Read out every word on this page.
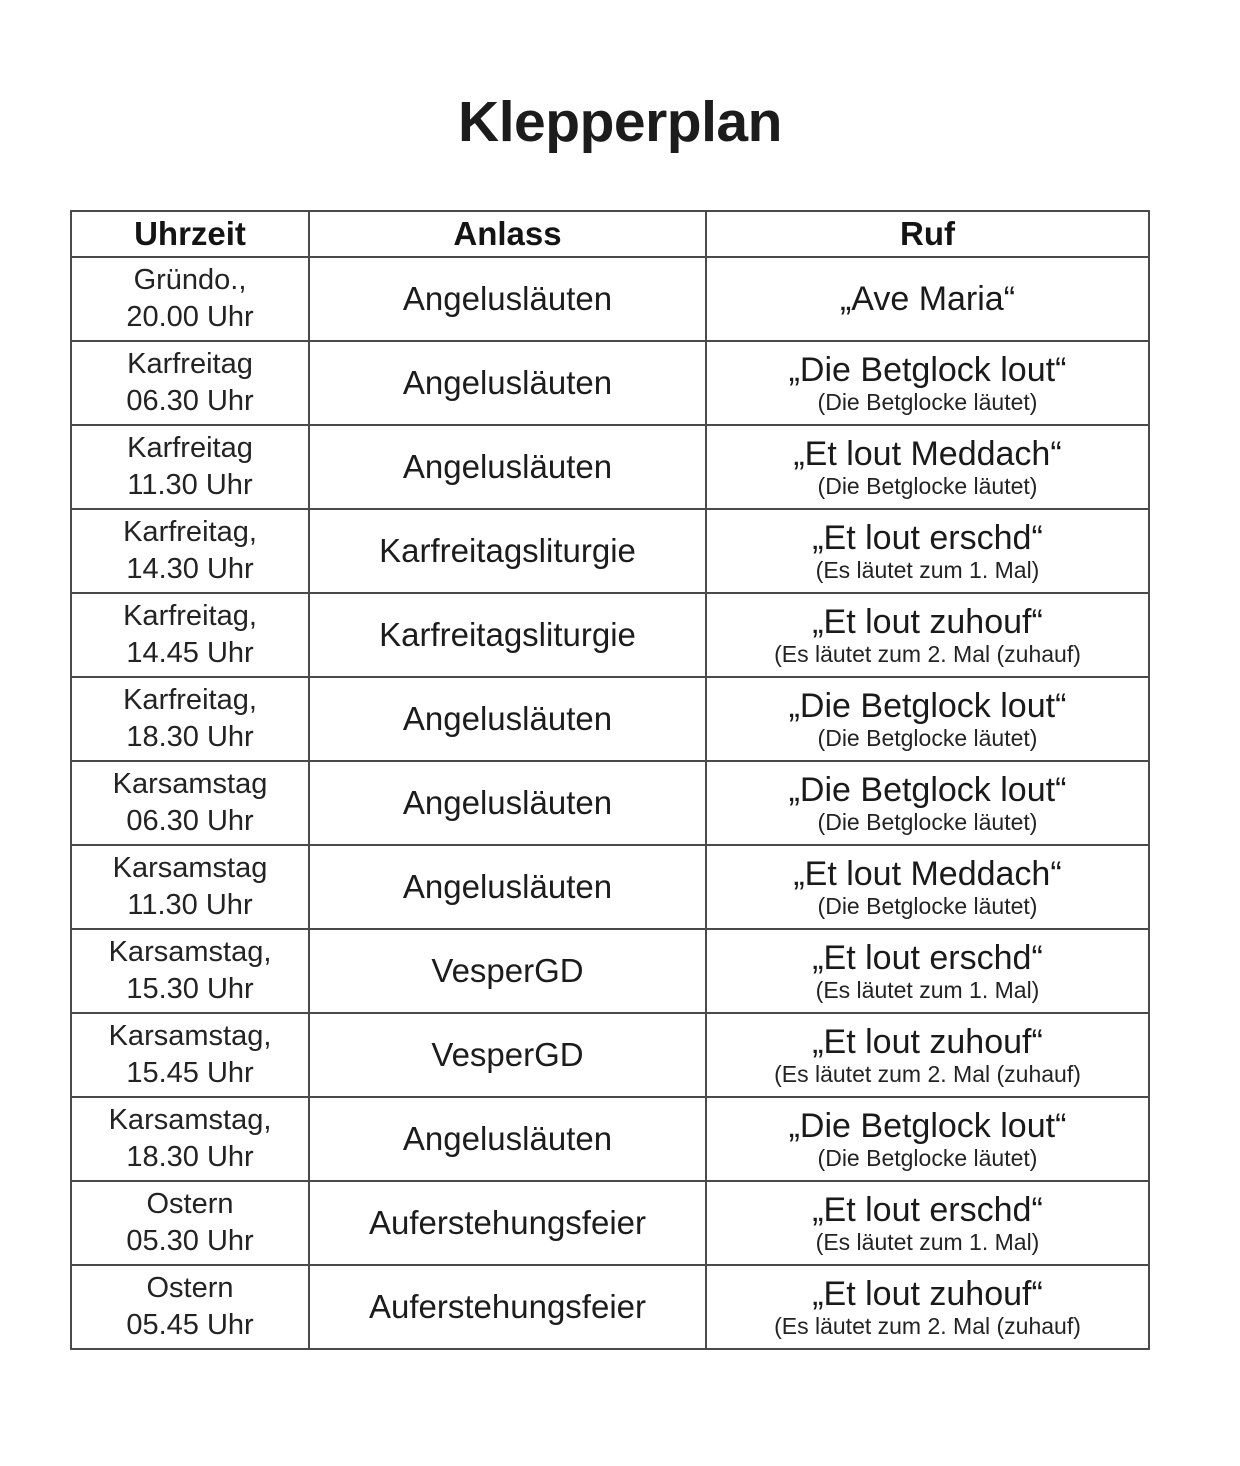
Klepperplan
Uhrzeit	Anlass	Ruf

Gründo.,
20.00 Uhr	Angelusläuten	„Ave Maria“

Karfreitag
06.30 Uhr	Angelusläuten	„Die Betglock lout“
(Die Betglocke läutet)

Karfreitag
11.30 Uhr	Angelusläuten	„Et lout Meddach“
(Die Betglocke läutet)

Karfreitag,
14.30 Uhr	Karfreitagsliturgie	„Et lout erschd“
(Es läutet zum 1. Mal)

Karfreitag,
14.45 Uhr	Karfreitagsliturgie	„Et lout zuhouf“
(Es läutet zum 2. Mal (zuhauf)

Karfreitag,
18.30 Uhr	Angelusläuten	„Die Betglock lout“
(Die Betglocke läutet)

Karsamstag
06.30 Uhr	Angelusläuten	„Die Betglock lout“
(Die Betglocke läutet)

Karsamstag
11.30 Uhr	Angelusläuten	„Et lout Meddach“
(Die Betglocke läutet)

Karsamstag,
15.30 Uhr	VesperGD	„Et lout erschd“
(Es läutet zum 1. Mal)

Karsamstag,
15.45 Uhr	VesperGD	„Et lout zuhouf“
(Es läutet zum 2. Mal (zuhauf)

Karsamstag,
18.30 Uhr	Angelusläuten	„Die Betglock lout“
(Die Betglocke läutet)

Ostern
05.30 Uhr	Auferstehungsfeier	„Et lout erschd“
(Es läutet zum 1. Mal)

Ostern
05.45 Uhr	Auferstehungsfeier	„Et lout zuhouf“
(Es läutet zum 2. Mal (zuhauf)
